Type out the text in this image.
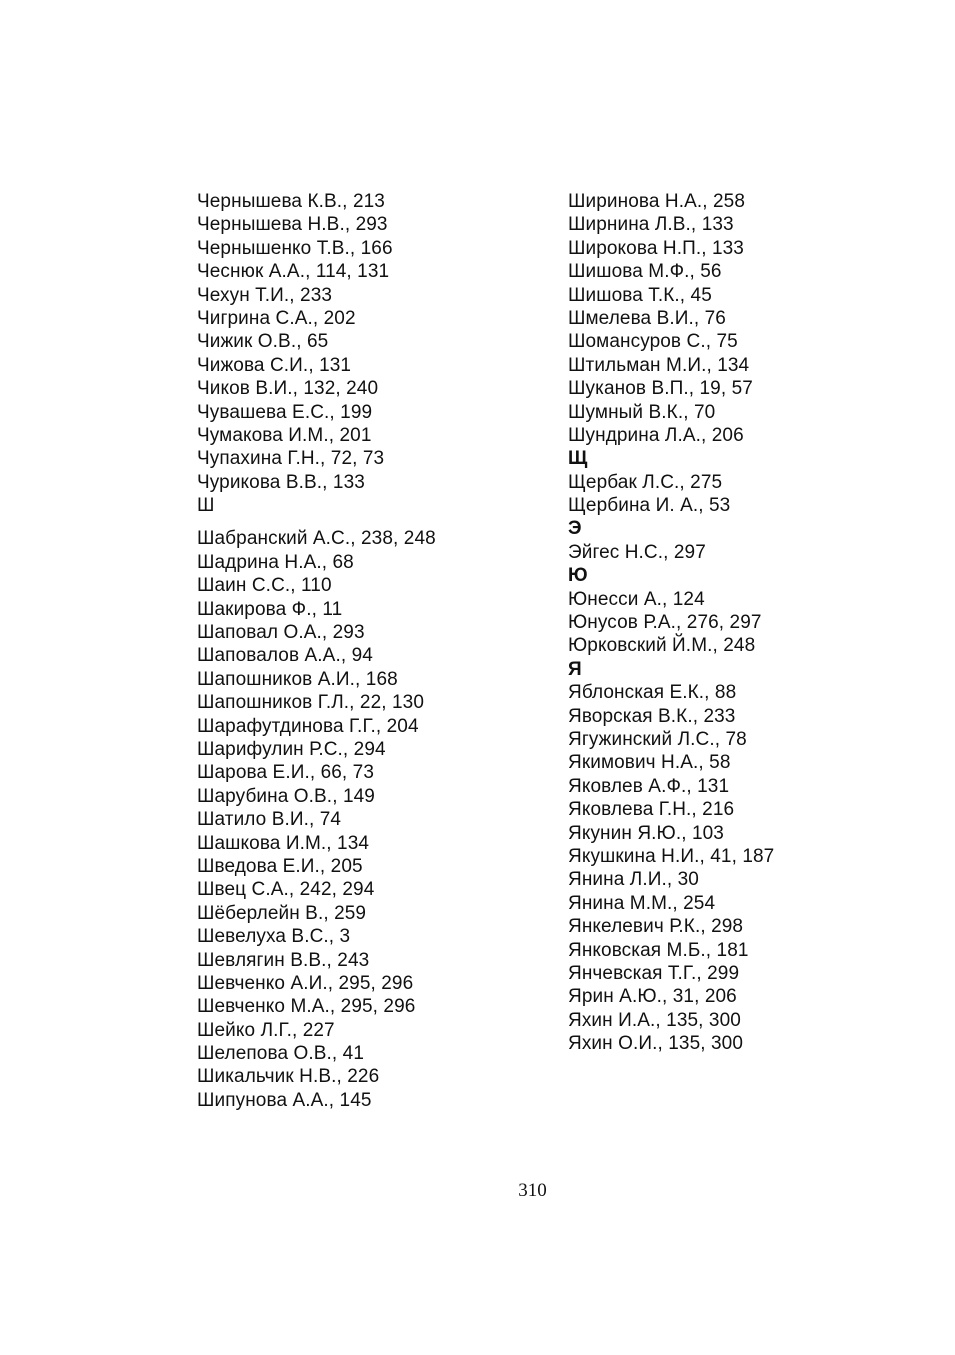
Чернышева К.В., 213
Чернышева Н.В., 293
Чернышенко Т.В., 166
Чеснюк А.А., 114, 131
Чехун Т.И., 233
Чигрина С.А., 202
Чижик О.В., 65
Чижова С.И., 131
Чиков В.И., 132, 240
Чувашева Е.С., 199
Чумакова И.М., 201
Чупахина Г.Н., 72, 73
Чурикова В.В., 133
Ш
Шабранский А.С., 238, 248
Шадрина Н.А., 68
Шаин С.С., 110
Шакирова Ф., 11
Шаповал О.А., 293
Шаповалов А.А., 94
Шапошников А.И., 168
Шапошников Г.Л., 22, 130
Шарафутдинова Г.Г., 204
Шарифулин Р.С., 294
Шарова Е.И., 66, 73
Шарубина О.В., 149
Шатило В.И., 74
Шашкова И.М., 134
Шведова Е.И., 205
Швец С.А., 242, 294
Шёберлейн В., 259
Шевелуха В.С., 3
Шевлягин В.В., 243
Шевченко А.И., 295, 296
Шевченко М.А., 295, 296
Шейко Л.Г., 227
Шелепова О.В., 41
Шикальчик Н.В., 226
Шипунова А.А., 145
Ширинова Н.А., 258
Ширнина Л.В., 133
Широкова Н.П., 133
Шишова М.Ф., 56
Шишова Т.К., 45
Шмелева В.И., 76
Шомансуров С., 75
Штильман М.И., 134
Шуканов В.П., 19, 57
Шумный В.К., 70
Шундрина Л.А., 206
Щ
Щербак Л.С., 275
Щербина И. А., 53
Э
Эйгес Н.С., 297
Ю
Юнесси А., 124
Юнусов Р.А., 276, 297
Юрковский Й.М., 248
Я
Яблонская Е.К., 88
Яворская В.К., 233
Ягужинский Л.С., 78
Якимович Н.А., 58
Яковлев А.Ф., 131
Яковлева Г.Н., 216
Якунин Я.Ю., 103
Якушкина Н.И., 41, 187
Янина Л.И., 30
Янина М.М., 254
Янкелевич Р.К., 298
Янковская М.Б., 181
Янчевская Т.Г., 299
Ярин А.Ю., 31, 206
Яхин И.А., 135, 300
Яхин О.И., 135, 300
310
